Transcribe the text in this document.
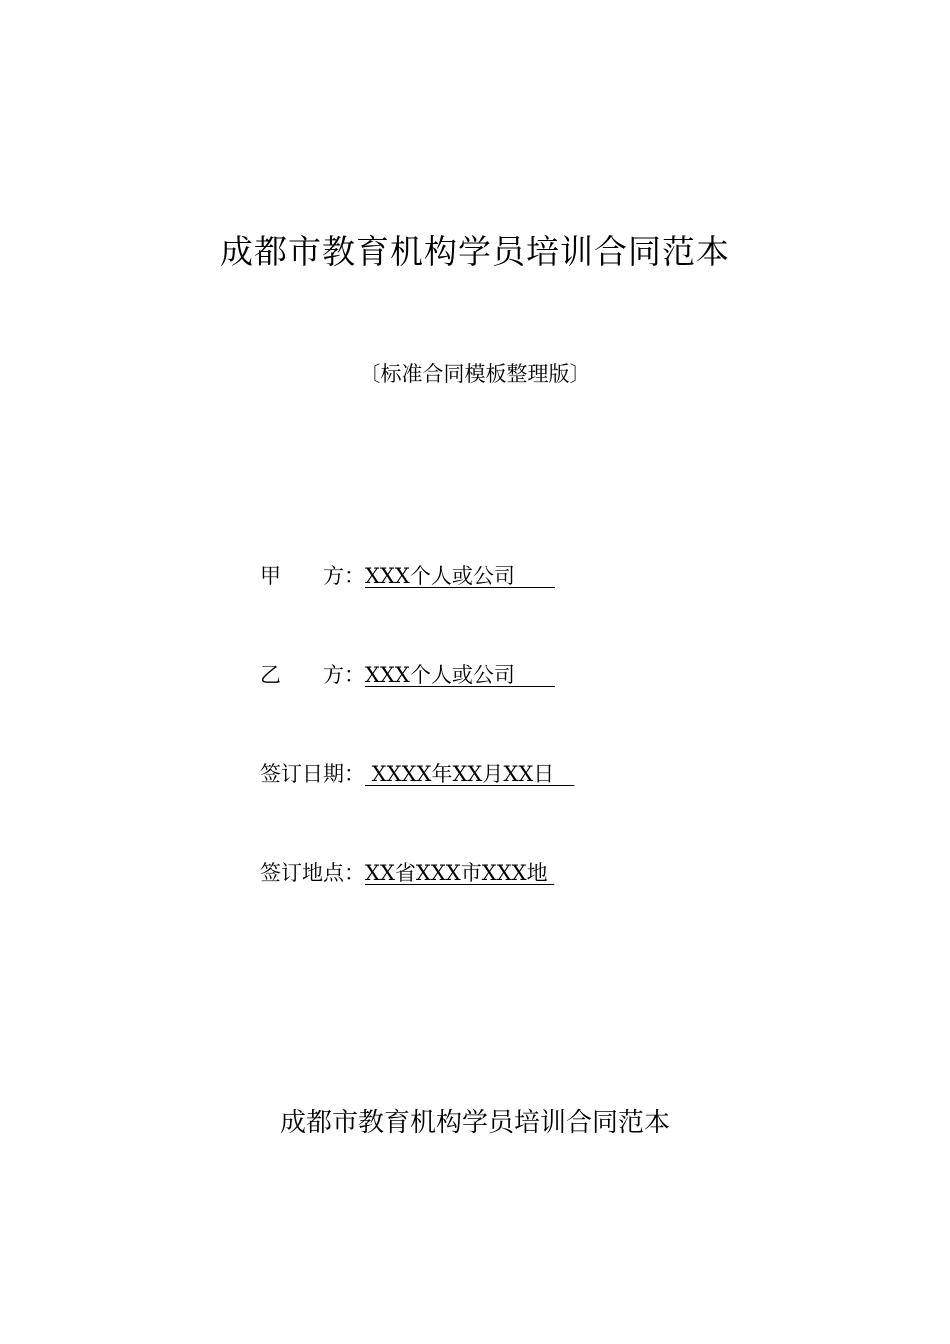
成都市教育机构学员培训合同范本
〔标准合同模板整理版〕
甲　　方：XXX个人或公司
乙　　方：XXX个人或公司
签订日期： XXXX年XX月XX日
签订地点：XX省XXX市XXX地
成都市教育机构学员培训合同范本
